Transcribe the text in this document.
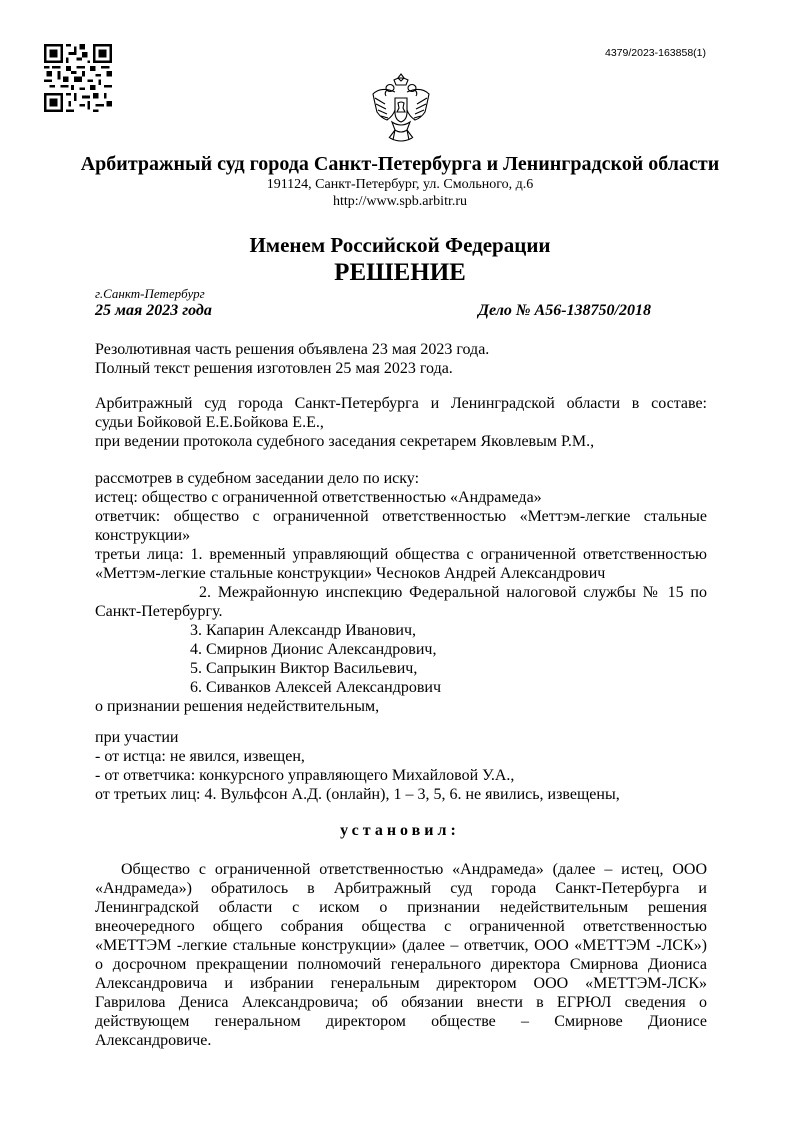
4379/2023-163858(1)
Арбитражный суд города Санкт-Петербурга и Ленинградской области
191124, Санкт-Петербург, ул. Смольного, д.6
http://www.spb.arbitr.ru
Именем Российской Федерации
РЕШЕНИЕ
г.Санкт-Петербург
25 мая 2023 года	Дело № А56-138750/2018

Резолютивная часть решения объявлена 23 мая 2023 года.

Полный текст решения изготовлен 25 мая 2023 года.

Арбитражный суд города Санкт-Петербурга и Ленинградской области в составе:

судьи Бойковой Е.Е.Бойкова Е.Е.,

при ведении протокола судебного заседания секретарем Яковлевым Р.М.,

рассмотрев в судебном заседании дело по иску:

истец: общество с ограниченной ответственностью «Андрамеда»

ответчик: общество с ограниченной ответственностью «Меттэм-легкие стальные

конструкции»

третьи лица: 1. временный управляющий общества с ограниченной ответственностью

«Меттэм-легкие стальные конструкции» Чесноков Андрей Александрович

2. Межрайонную инспекцию Федеральной налоговой службы № 15 по

Санкт-Петербургу.

3. Капарин Александр Иванович,

4. Смирнов Дионис Александрович,

5. Сапрыкин Виктор Васильевич,

6. Сиванков Алексей Александрович

о признании решения недействительным,

при участии

- от истца: не явился, извещен,

- от ответчика: конкурсного управляющего Михайловой У.А.,

от третьих лиц: 4. Вульфсон А.Д. (онлайн), 1 – 3, 5, 6. не явились, извещены,

установил:

Общество с ограниченной ответственностью «Андрамеда» (далее – истец, ООО

«Андрамеда») обратилось в Арбитражный суд города Санкт-Петербурга и

Ленинградской области с иском о признании недействительным решения

внеочередного общего собрания общества с ограниченной ответственностью

«МЕТТЭМ -легкие стальные конструкции» (далее – ответчик, ООО «МЕТТЭМ -ЛСК»)

о досрочном прекращении полномочий генерального директора Смирнова Диониса

Александровича и избрании генеральным директором ООО «МЕТТЭМ-ЛСК»

Гаврилова Дениса Александровича; об обязании внести в ЕГРЮЛ сведения о

действующем генеральном директором обществе – Смирнове Дионисе

Александровиче.
